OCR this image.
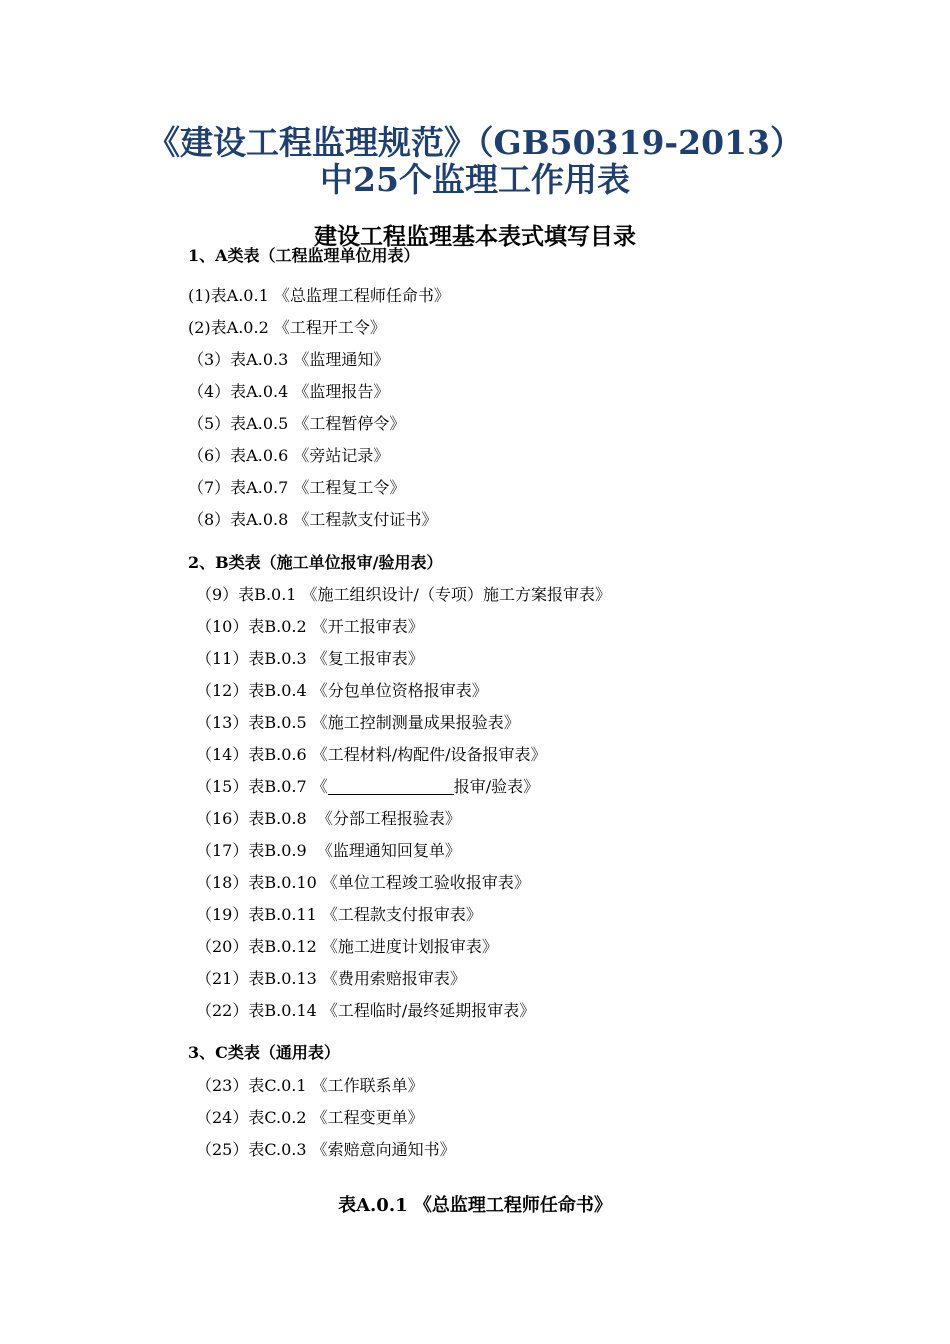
《建设工程监理规范》（GB50319-2013）
中25个监理工作用表
建设工程监理基本表式填写目录
1、A类表（工程监理单位用表）
(1)表A.0.1 《总监理工程师任命书》
(2)表A.0.2 《工程开工令》
（3）表A.0.3 《监理通知》
（4）表A.0.4 《监理报告》
（5）表A.0.5 《工程暂停令》
（6）表A.0.6 《旁站记录》
（7）表A.0.7 《工程复工令》
（8）表A.0.8 《工程款支付证书》
2、B类表（施工单位报审/验用表）
（9）表B.0.1 《施工组织设计/（专项）施工方案报审表》
（10）表B.0.2 《开工报审表》
（11）表B.0.3 《复工报审表》
（12）表B.0.4 《分包单位资格报审表》
（13）表B.0.5 《施工控制测量成果报验表》
（14）表B.0.6 《工程材料/构配件/设备报审表》
（15）表B.0.7 《	报审/验表》
（16）表B.0.8  《分部工程报验表》
（17）表B.0.9  《监理通知回复单》
（18）表B.0.10 《单位工程竣工验收报审表》
（19）表B.0.11 《工程款支付报审表》
（20）表B.0.12 《施工进度计划报审表》
（21）表B.0.13 《费用索赔报审表》
（22）表B.0.14 《工程临时/最终延期报审表》
3、C类表（通用表）
（23）表C.0.1 《工作联系单》
（24）表C.0.2 《工程变更单》
（25）表C.0.3 《索赔意向通知书》
表A.0.1 《总监理工程师任命书》
